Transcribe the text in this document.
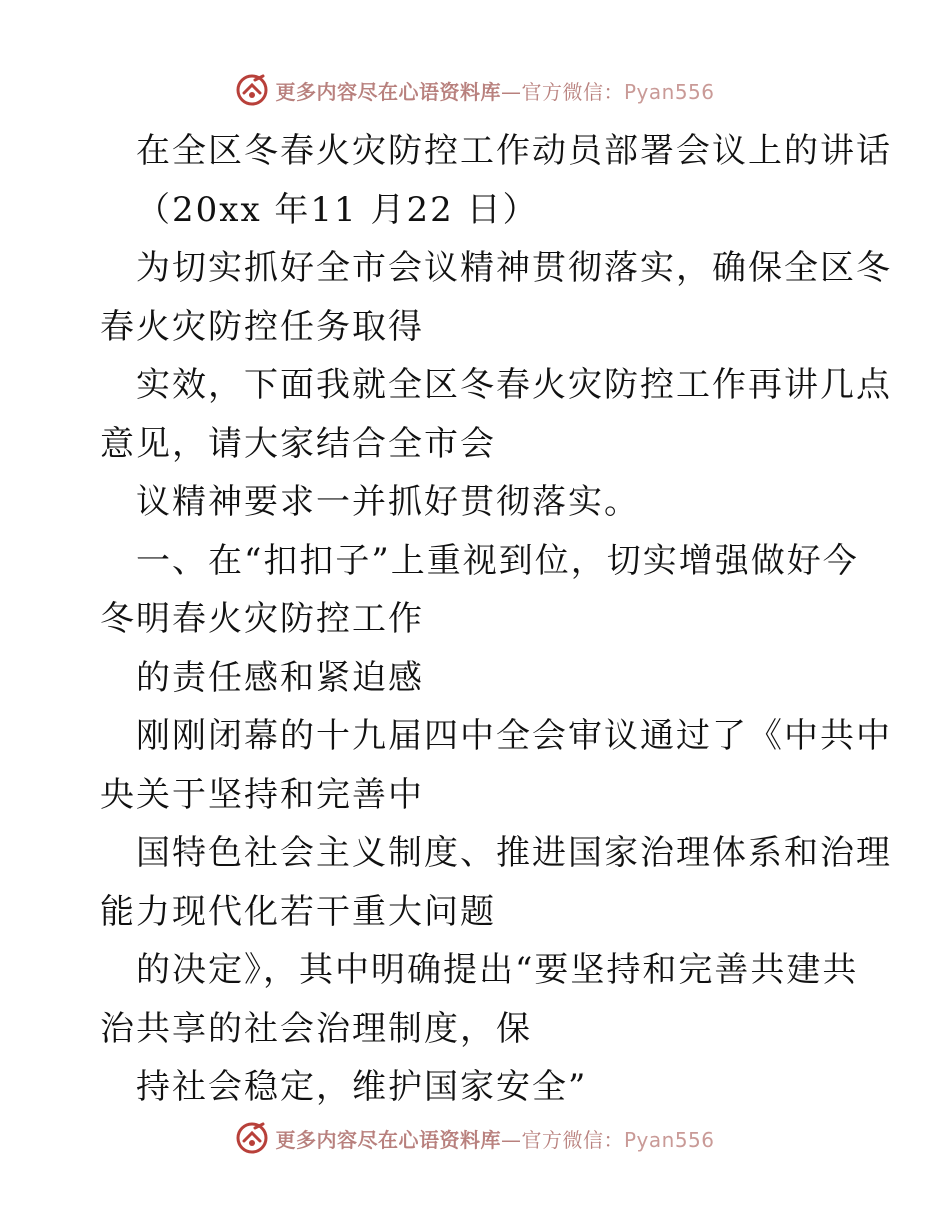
更多内容尽在心语资料库—官方微信：Pyan556
在全区冬春火灾防控工作动员部署会议上的讲话
（20xx 年11 月22 日）
为切实抓好全市会议精神贯彻落实，确保全区冬
春火灾防控任务取得
实效，下面我就全区冬春火灾防控工作再讲几点
意见，请大家结合全市会
议精神要求一并抓好贯彻落实。
一、在“扣扣子”上重视到位，切实增强做好今
冬明春火灾防控工作
的责任感和紧迫感
刚刚闭幕的十九届四中全会审议通过了《中共中
央关于坚持和完善中
国特色社会主义制度、推进国家治理体系和治理
能力现代化若干重大问题
的决定》，其中明确提出“要坚持和完善共建共
治共享的社会治理制度，保
持社会稳定，维护国家安全”
更多内容尽在心语资料库—官方微信：Pyan556
